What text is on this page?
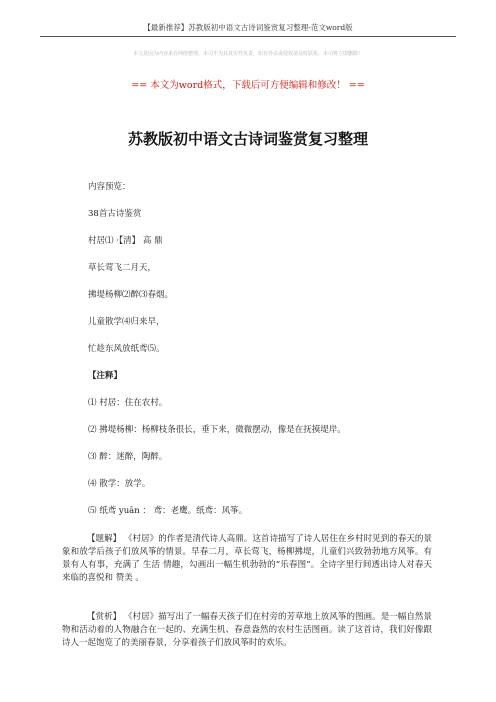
【最新推荐】苏教版初中语文古诗词鉴赏复习整理-范文word版
本文是因为内容来自网络整理，本司不为其真实性负责，如有异议或侵权请及时联系，本司将立即删除！
== 本文为word格式，下载后可方便编辑和修改！ ==
苏教版初中语文古诗词鉴赏复习整理
内容预览：
38首古诗鉴赏
村居⑴ ·【清】 高 鼎
草长莺飞二月天，
拂堤杨柳⑵醉⑶春烟。
儿童散学⑷归来早，
忙趁东风放纸鸢⑸。
【注释】
⑴ 村居：住在农村。
⑵ 拂堤杨柳：杨柳枝条很长，垂下来，微微摆动，像是在抚摸堤岸。
⑶ 醉：迷醉，陶醉。
⑷ 散学：放学。
⑸ 纸鸢 yuān ： 鸢：老鹰。纸鸢：风筝。
【题解】 《村居》的作者是清代诗人高鼎。这首诗描写了诗人居住在乡村时见到的春天的景象和放学后孩子们放风筝的情景。早春二月，草长莺飞，杨柳拂堤，儿童们兴致勃勃地方风筝。有景有人有事，充满了 生活 情趣，勾画出一幅生机勃勃的“乐春图”。全诗字里行间透出诗人对春天来临的喜悦和 赞美 。
【赏析】 《村居》描写出了一幅春天孩子们在村旁的芳草地上放风筝的图画。是一幅自然景物和活动着的人物融合在一起的、充满生机、春意盎然的农村生活图画。读了这首诗，我们好像跟诗人一起饱览了的美丽春景，分享着孩子们放风筝时的欢乐。
